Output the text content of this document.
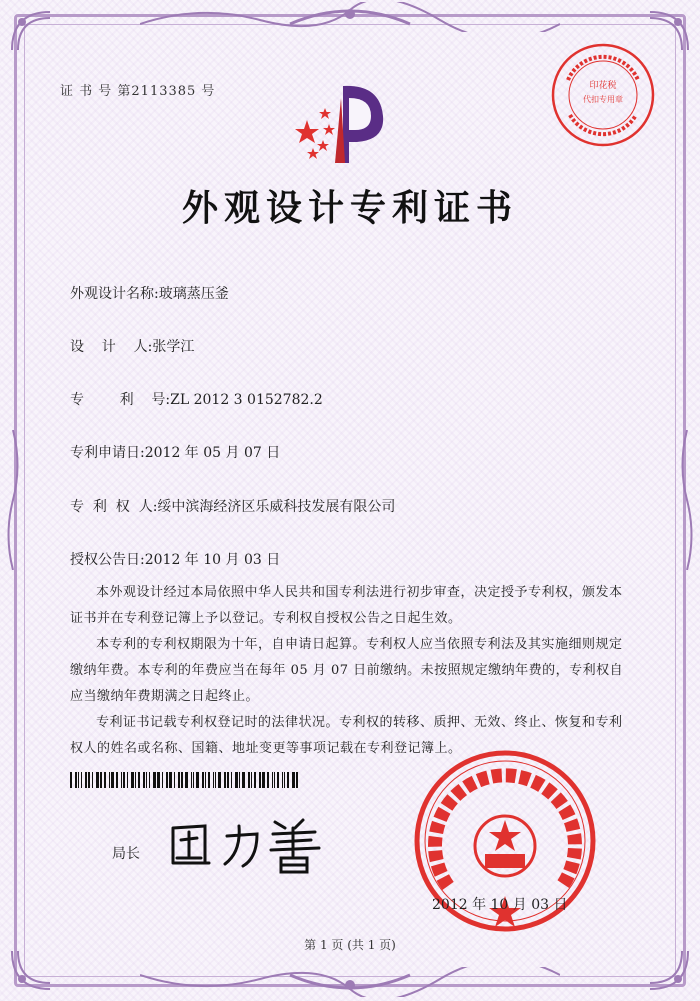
印花税
代扣专用章
证 书 号 第2113385 号
外观设计专利证书
外观设计名称:玻璃蒸压釜
设    计    人:张学江
专        利    号:ZL 2012 3 0152782.2
专利申请日:2012 年 05 月 07 日
专  利  权  人:绥中滨海经济区乐威科技发展有限公司
授权公告日:2012 年 10 月 03 日

本外观设计经过本局依照中华人民共和国专利法进行初步审查，决定授予专利权，颁发本证书并在专利登记簿上予以登记。专利权自授权公告之日起生效。

本专利的专利权期限为十年，自申请日起算。专利权人应当依照专利法及其实施细则规定缴纳年费。本专利的年费应当在每年 05 月 07 日前缴纳。未按照规定缴纳年费的，专利权自应当缴纳年费期满之日起终止。

专利证书记载专利权登记时的法律状况。专利权的转移、质押、无效、终止、恢复和专利权人的姓名或名称、国籍、地址变更等事项记载在专利登记簿上。

局长
2012 年 10 月 03 日
第 1 页 (共 1 页)
